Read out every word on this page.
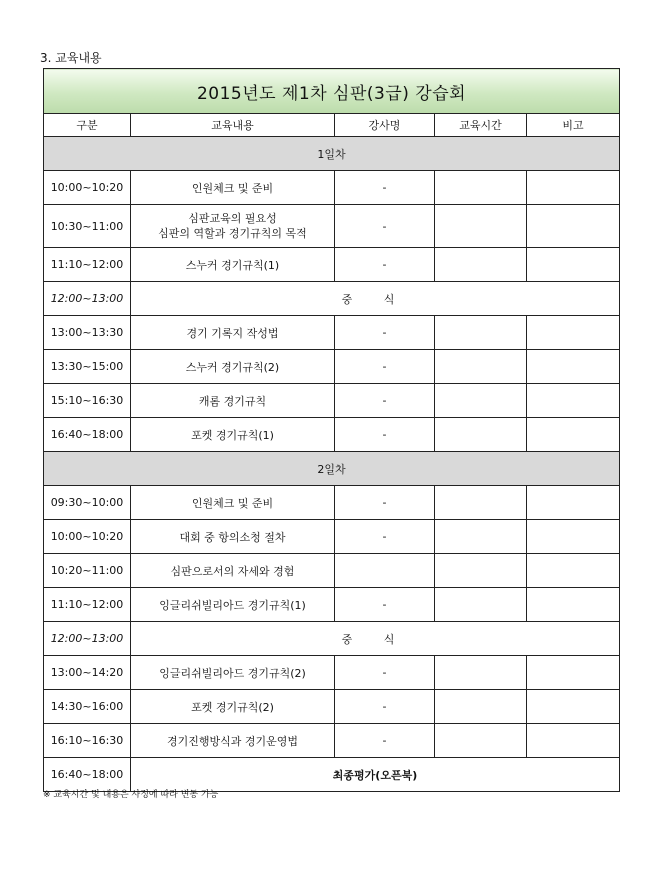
3. 교육내용
2015년도 제1차 심판(3급) 강습회				
구분	교육내용	강사명	교육시간	비고
1일차				
10:00~10:20	인원체크 및 준비	-		
10:30~11:00	심판교육의 필요성
심판의 역할과 경기규칙의 목적	-		
11:10~12:00	스누커 경기규칙(1)	-		
12:00~13:00	중 식			
13:00~13:30	경기 기록지 작성법	-		
13:30~15:00	스누커 경기규칙(2)	-		
15:10~16:30	캐롬 경기규칙	-		
16:40~18:00	포켓 경기규칙(1)	-		
2일차				
09:30~10:00	인원체크 및 준비	-		
10:00~10:20	대회 중 항의소청 절차	-		
10:20~11:00	심판으로서의 자세와 경험			
11:10~12:00	잉글리쉬빌리아드 경기규칙(1)	-		
12:00~13:00	중 식			
13:00~14:20	잉글리쉬빌리아드 경기규칙(2)	-		
14:30~16:00	포켓 경기규칙(2)	-		
16:10~16:30	경기진행방식과 경기운영법	-		
16:40~18:00	최종평가(오픈북)			
※ 교육시간 및 내용은 사정에 따라 변동 가능
